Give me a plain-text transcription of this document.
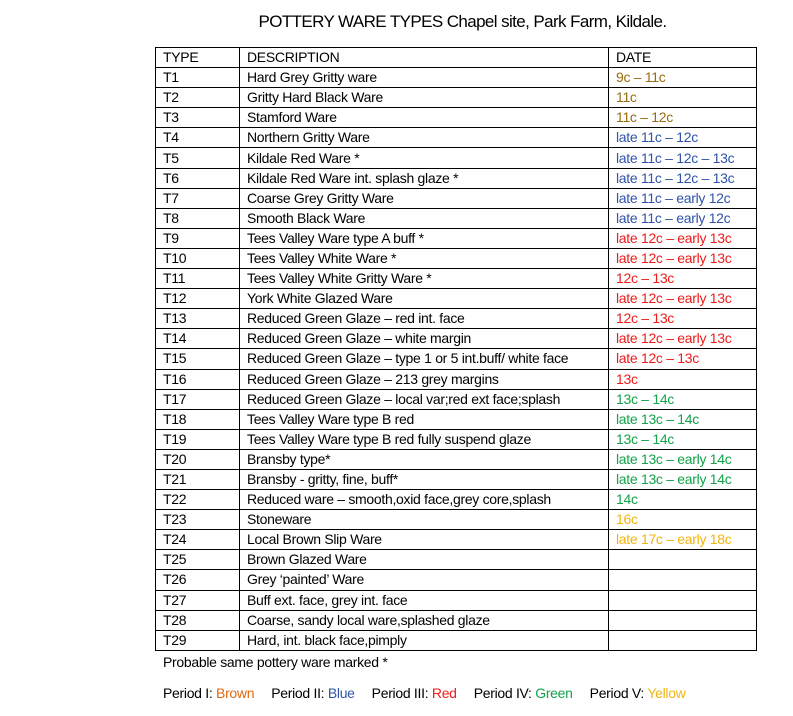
POTTERY WARE TYPES Chapel site, Park Farm, Kildale.
TYPE	DESCRIPTION	DATE
T1	Hard Grey Gritty ware	9c – 11c
T2	Gritty Hard Black Ware	11c
T3	Stamford Ware	11c – 12c
T4	Northern Gritty Ware	late 11c – 12c
T5	Kildale Red Ware *	late 11c – 12c – 13c
T6	Kildale Red Ware int. splash glaze *	late 11c – 12c – 13c
T7	Coarse Grey Gritty Ware	late 11c – early 12c
T8	Smooth Black Ware	late 11c – early 12c
T9	Tees Valley Ware type A buff *	late 12c – early 13c
T10	Tees Valley White Ware *	late 12c – early 13c
T11	Tees Valley White Gritty Ware *	12c – 13c
T12	York White Glazed Ware	late 12c – early 13c
T13	Reduced Green Glaze – red int. face	12c – 13c
T14	Reduced Green Glaze – white margin	late 12c – early 13c
T15	Reduced Green Glaze – type 1 or 5 int.buff/ white face	late 12c – 13c
T16	Reduced Green Glaze – 213 grey margins	13c
T17	Reduced Green Glaze – local var;red ext face;splash	13c – 14c
T18	Tees Valley Ware type B red	late 13c – 14c
T19	Tees Valley Ware type B red fully suspend glaze	13c – 14c
T20	Bransby type*	late 13c – early 14c
T21	Bransby - gritty, fine, buff*	late 13c – early 14c
T22	Reduced ware – smooth,oxid face,grey core,splash	14c
T23	Stoneware	16c
T24	Local Brown Slip Ware	late 17c – early 18c
T25	Brown Glazed Ware	
T26	Grey ‘painted’ Ware	
T27	Buff ext. face, grey int. face	
T28	Coarse, sandy local ware,splashed glaze	
T29	Hard, int. black face,pimply	
Probable same pottery ware marked *
Period I: Brown Period II: Blue Period III: Red Period IV: Green Period V: Yellow
